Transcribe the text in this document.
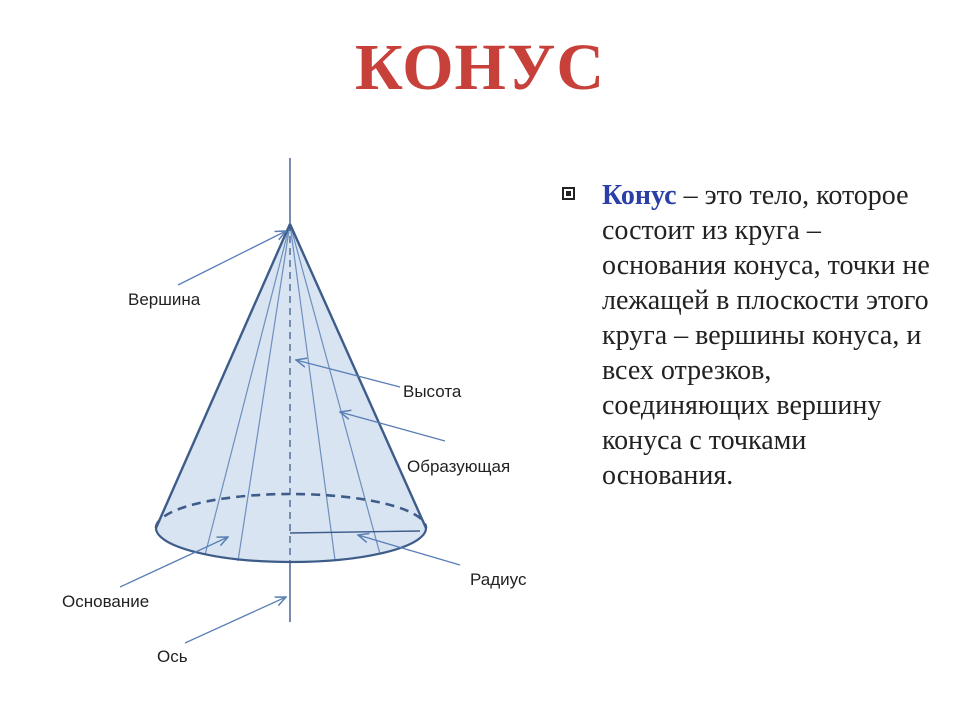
КОНУС
Вершина
Высота
Образующая
Радиус
Основание
Ось
Конус – это тело, которое состоит из круга – основания конуса, точки не лежащей в плоскости этого круга – вершины конуса, и всех отрезков, соединяющих вершину конуса с точками основания.
